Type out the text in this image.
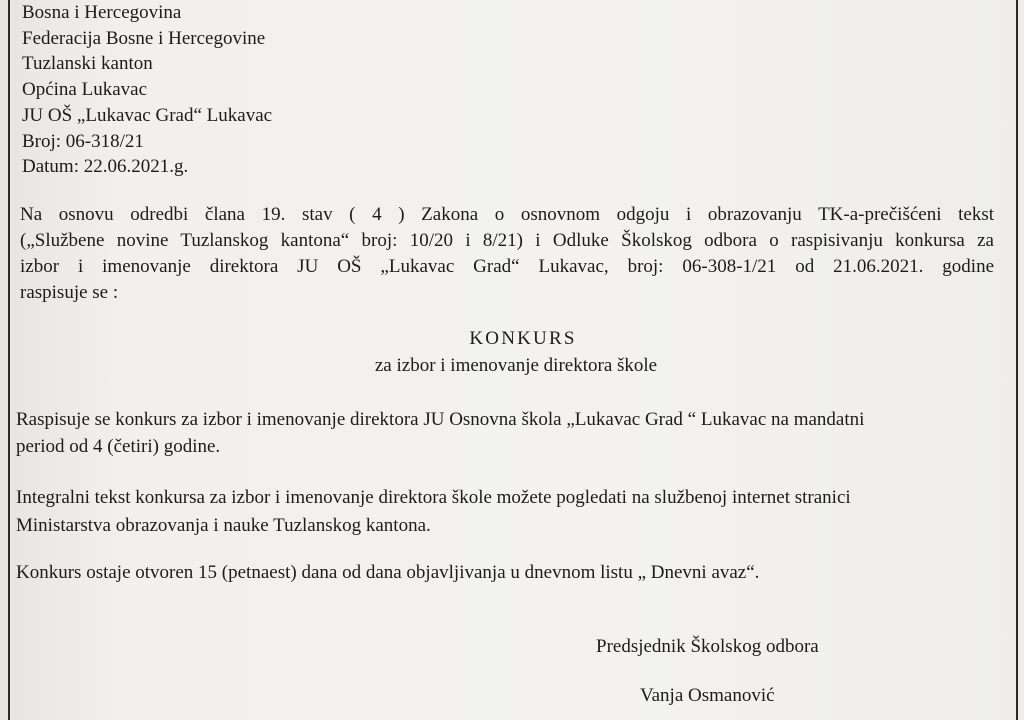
Bosna i Hercegovina
Federacija Bosne i Hercegovine
Tuzlanski kanton
Općina Lukavac
JU OŠ „Lukavac Grad“ Lukavac
Broj: 06-318/21
Datum: 22.06.2021.g.
Na osnovu odredbi člana 19. stav ( 4 ) Zakona o osnovnom odgoju i obrazovanju TK-a-prečišćeni tekst
(„Službene novine Tuzlanskog kantona“ broj: 10/20 i 8/21) i Odluke Školskog odbora o raspisivanju konkursa za
izbor i imenovanje direktora JU OŠ „Lukavac Grad“ Lukavac, broj: 06-308-1/21 od 21.06.2021. godine
raspisuje se :
KONKURS
za izbor i imenovanje direktora škole
Raspisuje se konkurs za izbor i imenovanje direktora JU Osnovna škola „Lukavac Grad “ Lukavac na mandatni
period od 4 (četiri) godine.
Integralni tekst konkursa za izbor i imenovanje direktora škole možete pogledati na službenoj internet stranici
Ministarstva obrazovanja i nauke Tuzlanskog kantona.
Konkurs ostaje otvoren 15 (petnaest) dana od dana objavljivanja u dnevnom listu „ Dnevni avaz“.
Predsjednik Školskog odbora
Vanja Osmanović
